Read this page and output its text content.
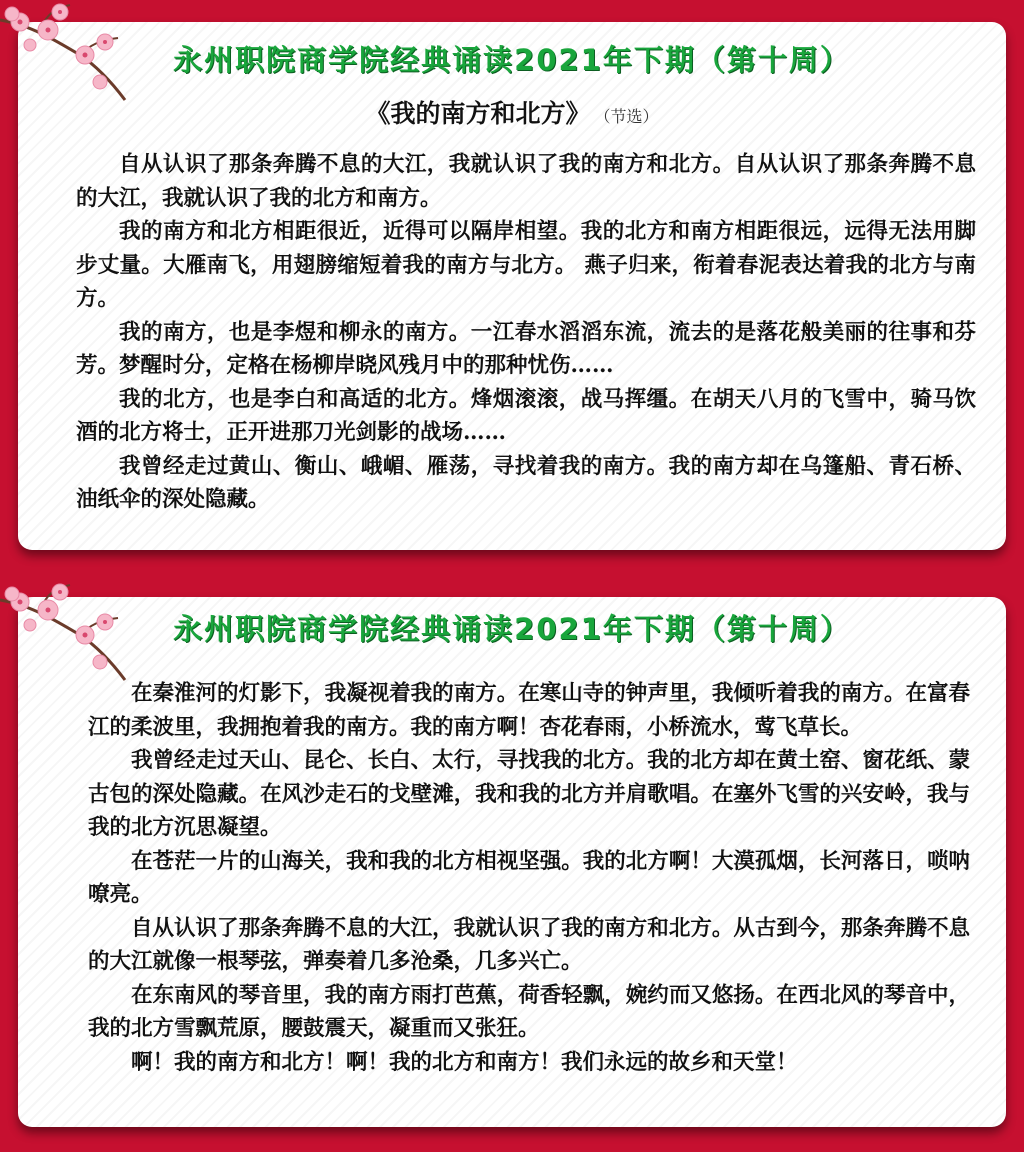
永州职院商学院经典诵读2021年下期（第十周）
《我的南方和北方》 （节选）

自从认识了那条奔腾不息的大江，我就认识了我的南方和北方。自从认识了那条奔腾不息的大江，我就认识了我的北方和南方。

我的南方和北方相距很近，近得可以隔岸相望。我的北方和南方相距很远，远得无法用脚步丈量。大雁南飞，用翅膀缩短着我的南方与北方。 燕子归来，衔着春泥表达着我的北方与南方。

我的南方，也是李煜和柳永的南方。一江春水滔滔东流，流去的是落花般美丽的往事和芬芳。梦醒时分，定格在杨柳岸晓风残月中的那种忧伤……

我的北方，也是李白和高适的北方。烽烟滚滚，战马挥缰。在胡天八月的飞雪中，骑马饮酒的北方将士，正开进那刀光剑影的战场……

我曾经走过黄山、衡山、峨嵋、雁荡，寻找着我的南方。我的南方却在乌篷船、青石桥、油纸伞的深处隐藏。

永州职院商学院经典诵读2021年下期（第十周）

在秦淮河的灯影下，我凝视着我的南方。在寒山寺的钟声里，我倾听着我的南方。在富春江的柔波里，我拥抱着我的南方。我的南方啊！杏花春雨，小桥流水，莺飞草长。

我曾经走过天山、昆仑、长白、太行，寻找我的北方。我的北方却在黄土窑、窗花纸、蒙古包的深处隐藏。在风沙走石的戈壁滩，我和我的北方并肩歌唱。在塞外飞雪的兴安岭，我与我的北方沉思凝望。

在苍茫一片的山海关，我和我的北方相视坚强。我的北方啊！大漠孤烟，长河落日，唢呐嘹亮。

自从认识了那条奔腾不息的大江，我就认识了我的南方和北方。从古到今，那条奔腾不息的大江就像一根琴弦，弹奏着几多沧桑，几多兴亡。

在东南风的琴音里，我的南方雨打芭蕉，荷香轻飘，婉约而又悠扬。在西北风的琴音中，我的北方雪飘荒原，腰鼓震天，凝重而又张狂。

啊！我的南方和北方！啊！我的北方和南方！我们永远的故乡和天堂！
